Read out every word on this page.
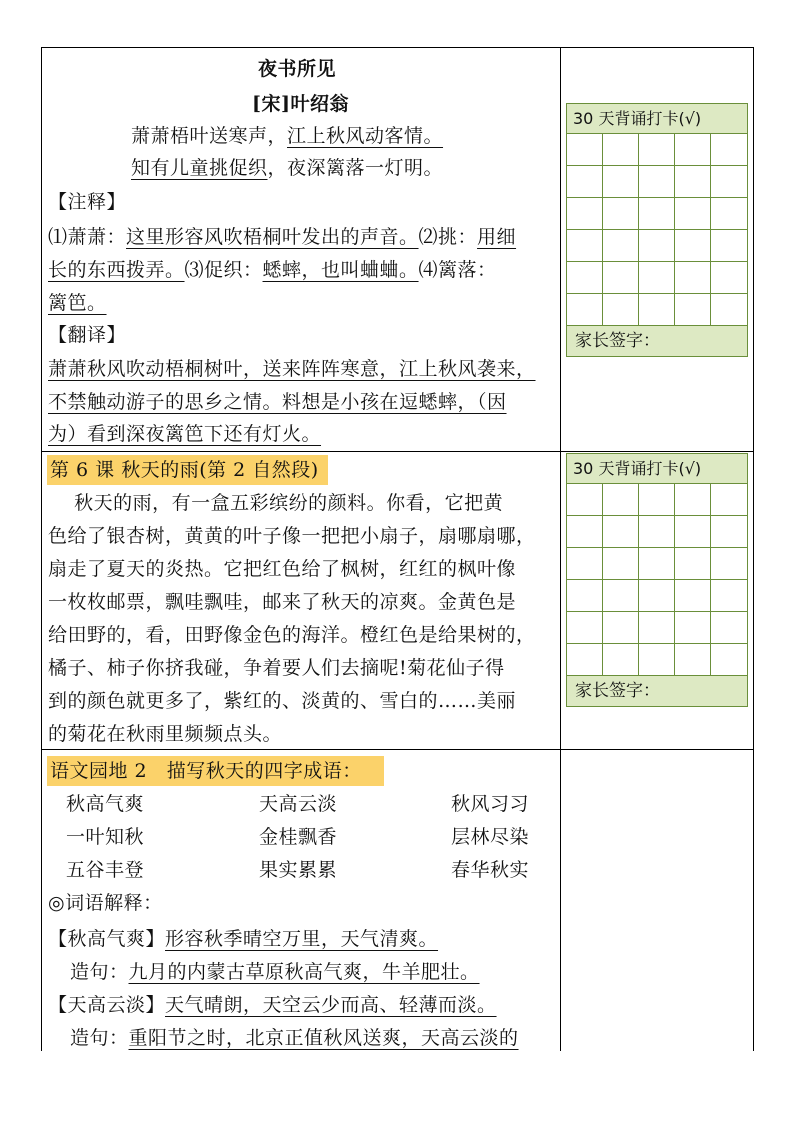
夜书所见
[宋]叶绍翁
萧萧梧叶送寒声，江上秋风动客情。
知有儿童挑促织，夜深篱落一灯明。
【注释】
⑴萧萧：这里形容风吹梧桐叶发出的声音。⑵挑：用细
长的东西拨弄。⑶促织：蟋蟀，也叫蛐蛐。⑷篱落：
篱笆。
【翻译】
萧萧秋风吹动梧桐树叶，送来阵阵寒意，江上秋风袭来，
不禁触动游子的思乡之情。料想是小孩在逗蟋蟀，（因
为）看到深夜篱笆下还有灯火。
第 6 课 秋天的雨(第 2 自然段)
秋天的雨，有一盒五彩缤纷的颜料。你看，它把黄
色给了银杏树，黄黄的叶子像一把把小扇子，扇哪扇哪，
扇走了夏天的炎热。它把红色给了枫树，红红的枫叶像
一枚枚邮票，飘哇飘哇，邮来了秋天的凉爽。金黄色是
给田野的，看，田野像金色的海洋。橙红色是给果树的，
橘子、柿子你挤我碰，争着要人们去摘呢!菊花仙子得
到的颜色就更多了，紫红的、淡黄的、雪白的……美丽
的菊花在秋雨里频频点头。
语文园地 2   描写秋天的四字成语：
秋高气爽	天高云淡	秋风习习
一叶知秋	金桂飘香	层林尽染
五谷丰登	果实累累	春华秋实
◎词语解释：
【秋高气爽】形容秋季晴空万里，天气清爽。
造句：九月的内蒙古草原秋高气爽，牛羊肥壮。
【天高云淡】天气晴朗，天空云少而高、轻薄而淡。
造句：重阳节之时，北京正值秋风送爽，天高云淡的
30 天背诵打卡(√)
家长签字：
30 天背诵打卡(√)
家长签字：
